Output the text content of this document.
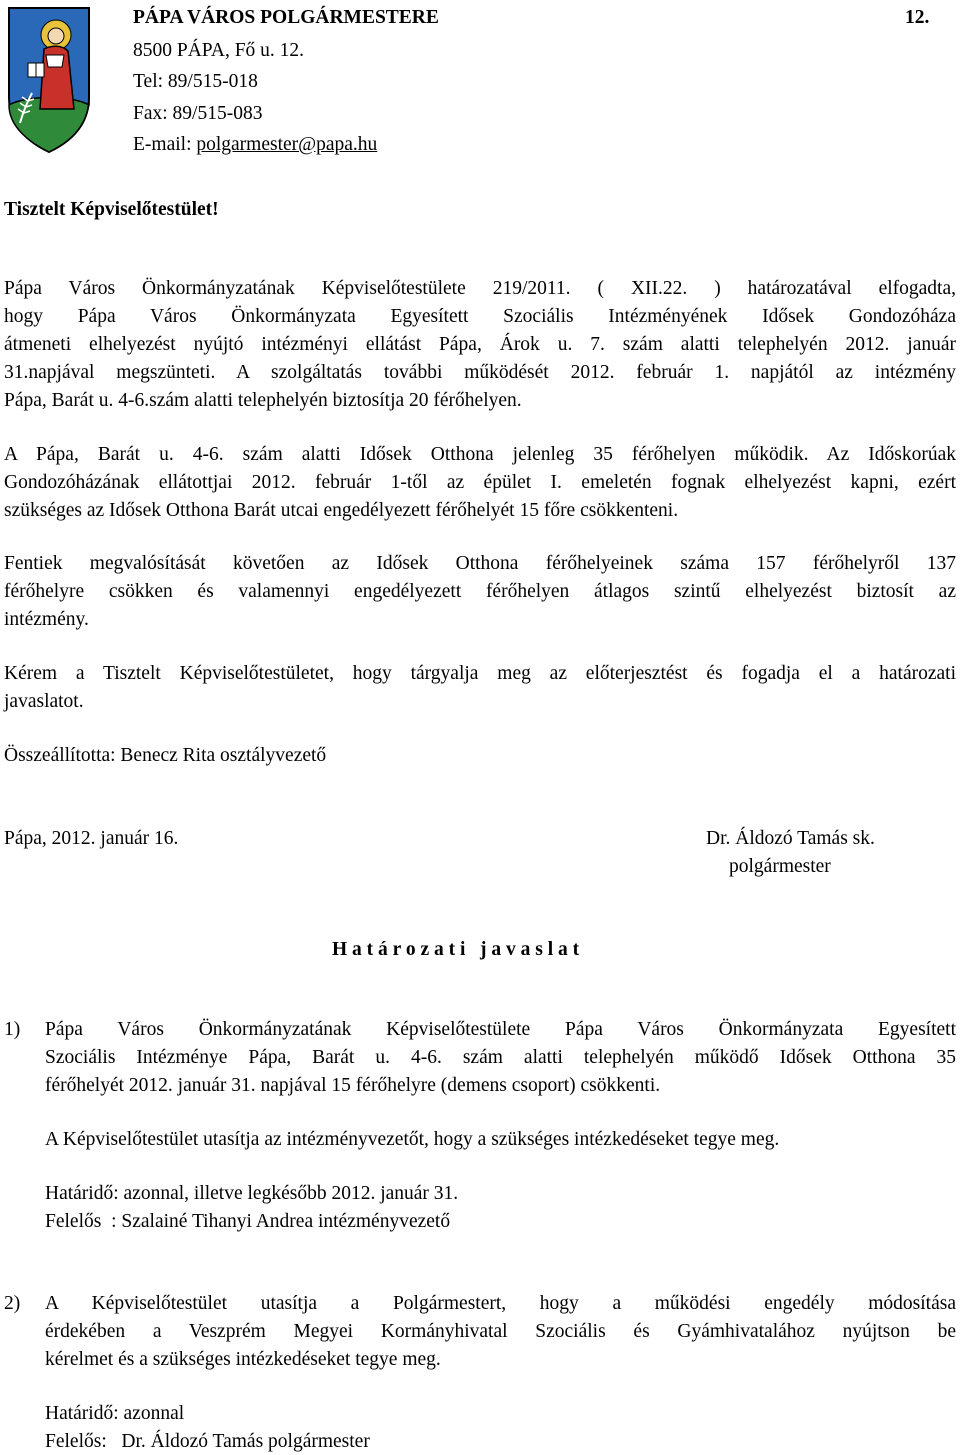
PÁPA VÁROS POLGÁRMESTERE	12.
8500 PÁPA, Fő u. 12.
Tel: 89/515-018
Fax: 89/515-083
E-mail: polgarmester@papa.hu
Tisztelt Képviselőtestület!
Pápa Város Önkormányzatának Képviselőtestülete 219/2011. ( XII.22. ) határozatával elfogadta,
hogy Pápa Város Önkormányzata Egyesített Szociális Intézményének Idősek Gondozóháza
átmeneti elhelyezést nyújtó intézményi ellátást Pápa, Árok u. 7. szám alatti telephelyén 2012. január
31.napjával megszünteti. A szolgáltatás további működését 2012. február 1. napjától az intézmény
Pápa, Barát u. 4-6.szám alatti telephelyén biztosítja 20 férőhelyen.
A Pápa, Barát u. 4-6. szám alatti Idősek Otthona jelenleg 35 férőhelyen működik. Az Időskorúak
Gondozóházának ellátottjai 2012. február 1-től az épület I. emeletén fognak elhelyezést kapni, ezért
szükséges az Idősek Otthona Barát utcai engedélyezett férőhelyét 15 főre csökkenteni.
Fentiek megvalósítását követően az Idősek Otthona férőhelyeinek száma 157 férőhelyről 137
férőhelyre csökken és valamennyi engedélyezett férőhelyen átlagos szintű elhelyezést biztosít az
intézmény.
Kérem a Tisztelt Képviselőtestületet, hogy tárgyalja meg az előterjesztést és fogadja el a határozati
javaslatot.
Összeállította: Benecz Rita osztályvezető
Pápa, 2012. január 16.	Dr. Áldozó Tamás sk.
polgármester
H a t á r o z a t i   j a v a s l a t
1) Pápa Város Önkormányzatának Képviselőtestülete Pápa Város Önkormányzata Egyesített
Szociális Intézménye Pápa, Barát u. 4-6. szám alatti telephelyén működő Idősek Otthona 35
férőhelyét 2012. január 31. napjával 15 férőhelyre (demens csoport) csökkenti.
A Képviselőtestület utasítja az intézményvezetőt, hogy a szükséges intézkedéseket tegye meg.
Határidő: azonnal, illetve legkésőbb 2012. január 31.
Felelős  : Szalainé Tihanyi Andrea intézményvezető
2) A Képviselőtestület utasítja a Polgármestert, hogy a működési engedély módosítása
érdekében a Veszprém Megyei Kormányhivatal Szociális és Gyámhivatalához nyújtson be
kérelmet és a szükséges intézkedéseket tegye meg.
Határidő: azonnal
Felelős:   Dr. Áldozó Tamás polgármester
